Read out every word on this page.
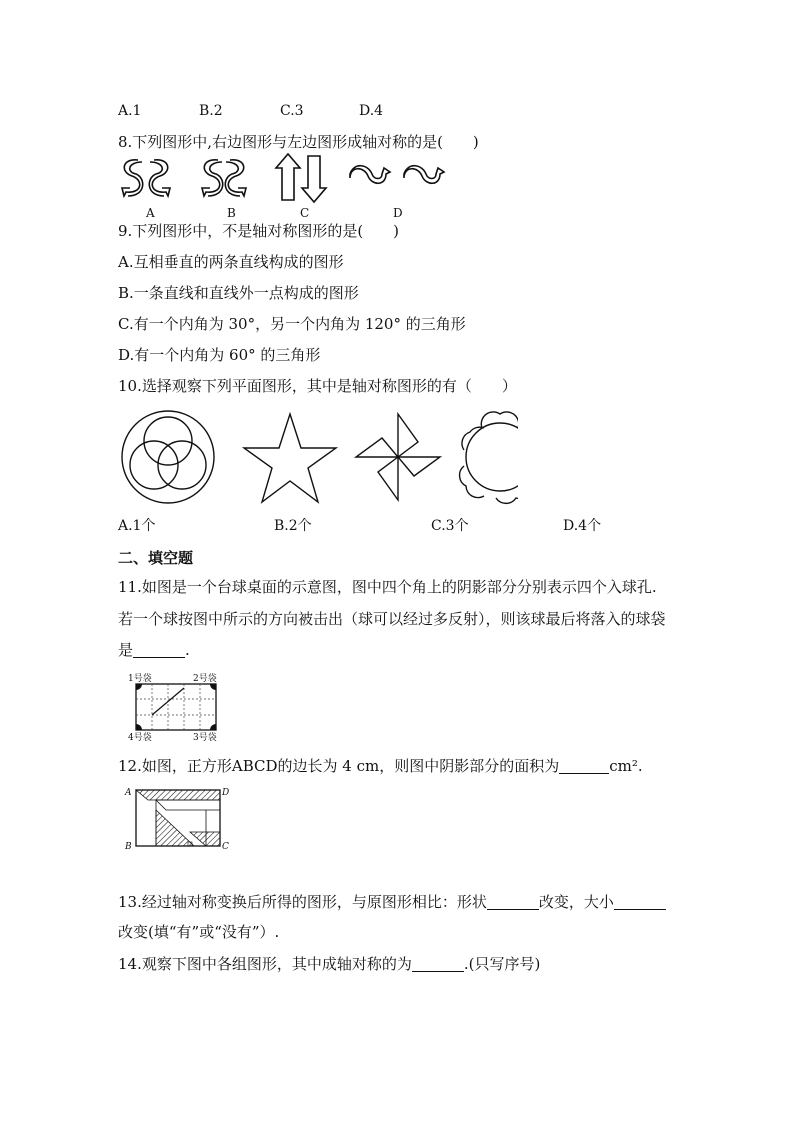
A.1	B.2	C.3	D.4
8.下列图形中,右边图形与左边图形成轴对称的是(　　)
A	B	C	D
9.下列图形中，不是轴对称图形的是(　　)
A.互相垂直的两条直线构成的图形
B.一条直线和直线外一点构成的图形
C.有一个内角为 30°，另一个内角为 120° 的三角形
D.有一个内角为 60° 的三角形
10.选择观察下列平面图形，其中是轴对称图形的有（　　）
A.1个	B.2个	C.3个	D.4个
二、填空题
11.如图是一个台球桌面的示意图，图中四个角上的阴影部分分别表示四个入球孔.
若一个球按图中所示的方向被击出（球可以经过多反射），则该球最后将落入的球袋
是	.
1号袋	2号袋
4号袋	3号袋
12.如图，正方形ABCD的边长为 4 cm，则图中阴影部分的面积为	cm².
A	D
B	C
13.经过轴对称变换后所得的图形，与原图形相比：形状	改变，大小
改变(填“有”或“没有”）.
14.观察下图中各组图形，其中成轴对称的为	.(只写序号)
